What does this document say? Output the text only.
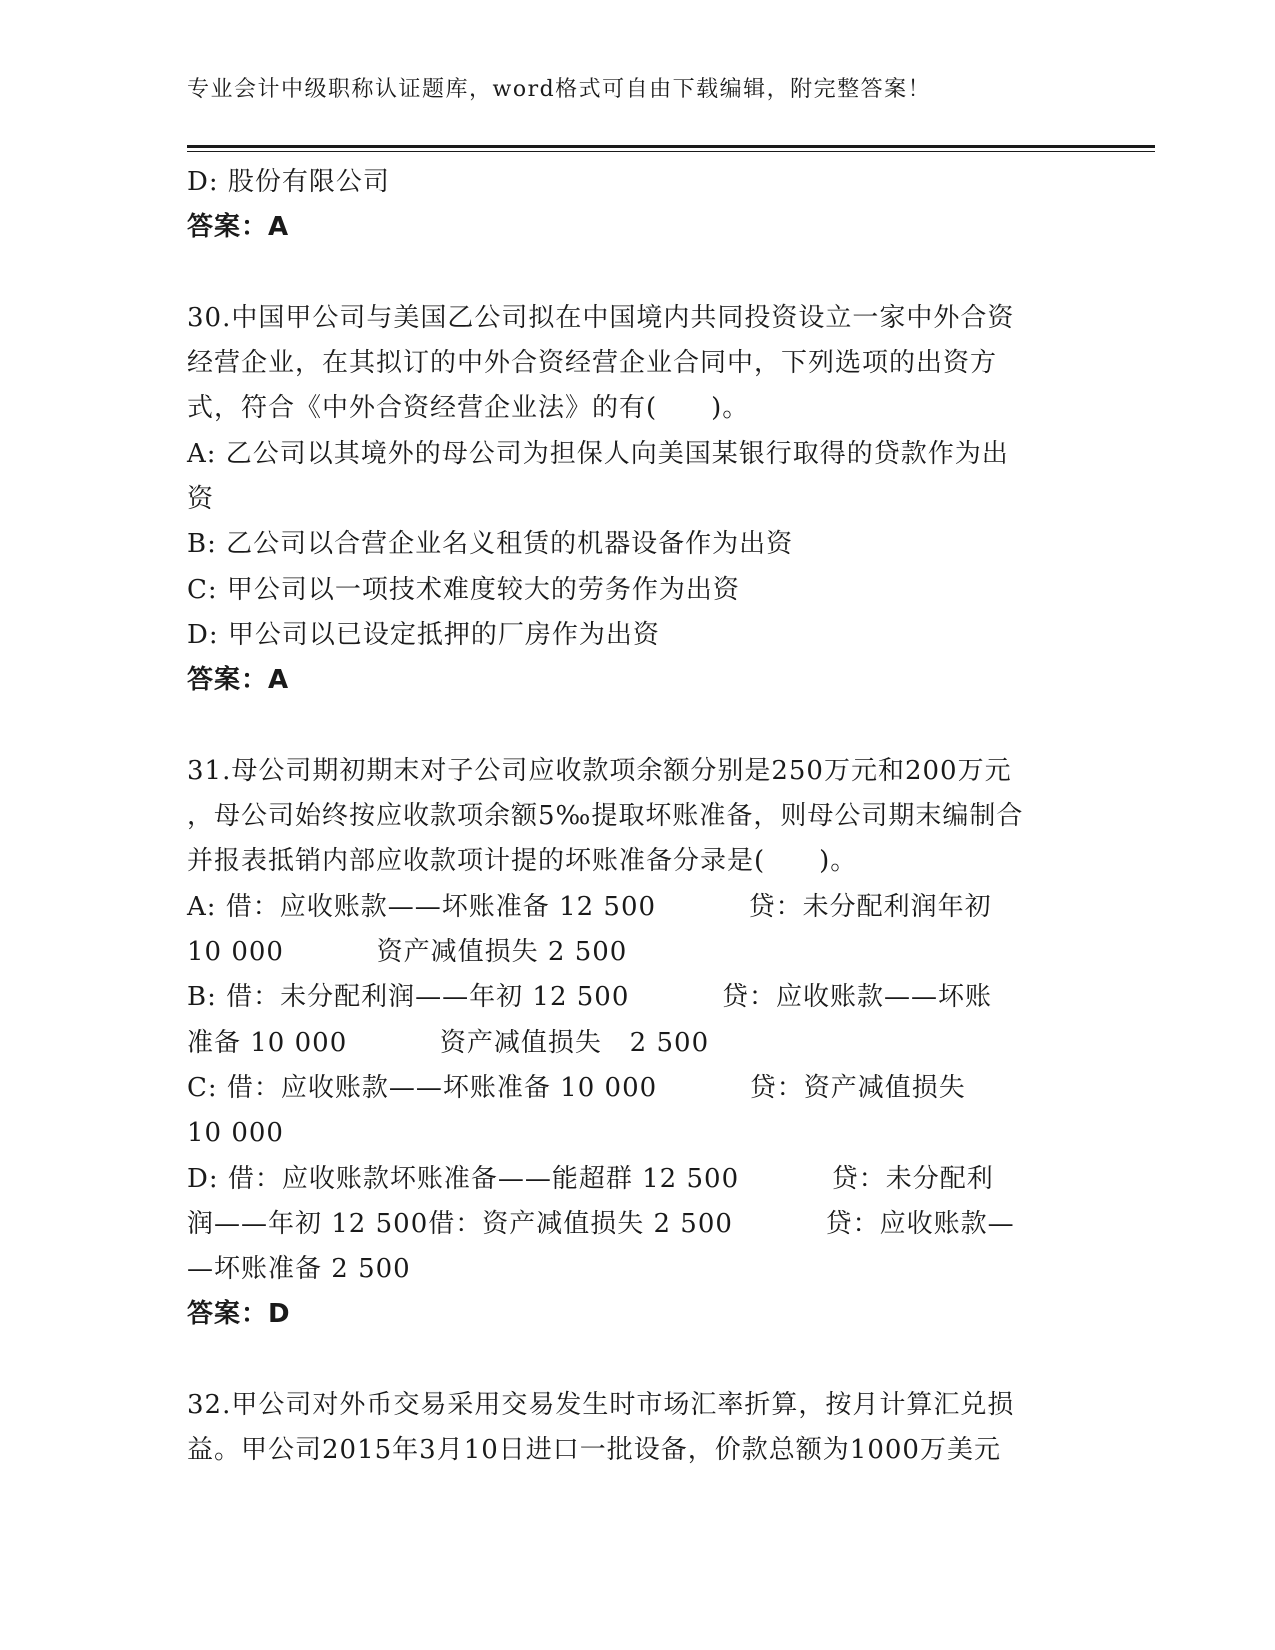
专业会计中级职称认证题库，word格式可自由下载编辑，附完整答案！
D: 股份有限公司
答案：A
30.中国甲公司与美国乙公司拟在中国境内共同投资设立一家中外合资
经营企业，在其拟订的中外合资经营企业合同中，下列选项的出资方
式，符合《中外合资经营企业法》的有(　　)。
A: 乙公司以其境外的母公司为担保人向美国某银行取得的贷款作为出
资
B: 乙公司以合营企业名义租赁的机器设备作为出资
C: 甲公司以一项技术难度较大的劳务作为出资
D: 甲公司以已设定抵押的厂房作为出资
答案：A
31.母公司期初期末对子公司应收款项余额分别是250万元和200万元
，母公司始终按应收款项余额5‰提取坏账准备，则母公司期末编制合
并报表抵销内部应收款项计提的坏账准备分录是(　　)。
A: 借：应收账款——坏账准备 12 500          贷：未分配利润年初
10 000          资产减值损失 2 500
B: 借：未分配利润——年初 12 500          贷：应收账款——坏账
准备 10 000          资产减值损失   2 500
C: 借：应收账款——坏账准备 10 000          贷：资产减值损失
10 000
D: 借：应收账款坏账准备——能超群 12 500          贷：未分配利
润——年初 12 500借：资产减值损失 2 500          贷：应收账款—
—坏账准备 2 500
答案：D
32.甲公司对外币交易采用交易发生时市场汇率折算，按月计算汇兑损
益。甲公司2015年3月10日进口一批设备，价款总额为1000万美元
